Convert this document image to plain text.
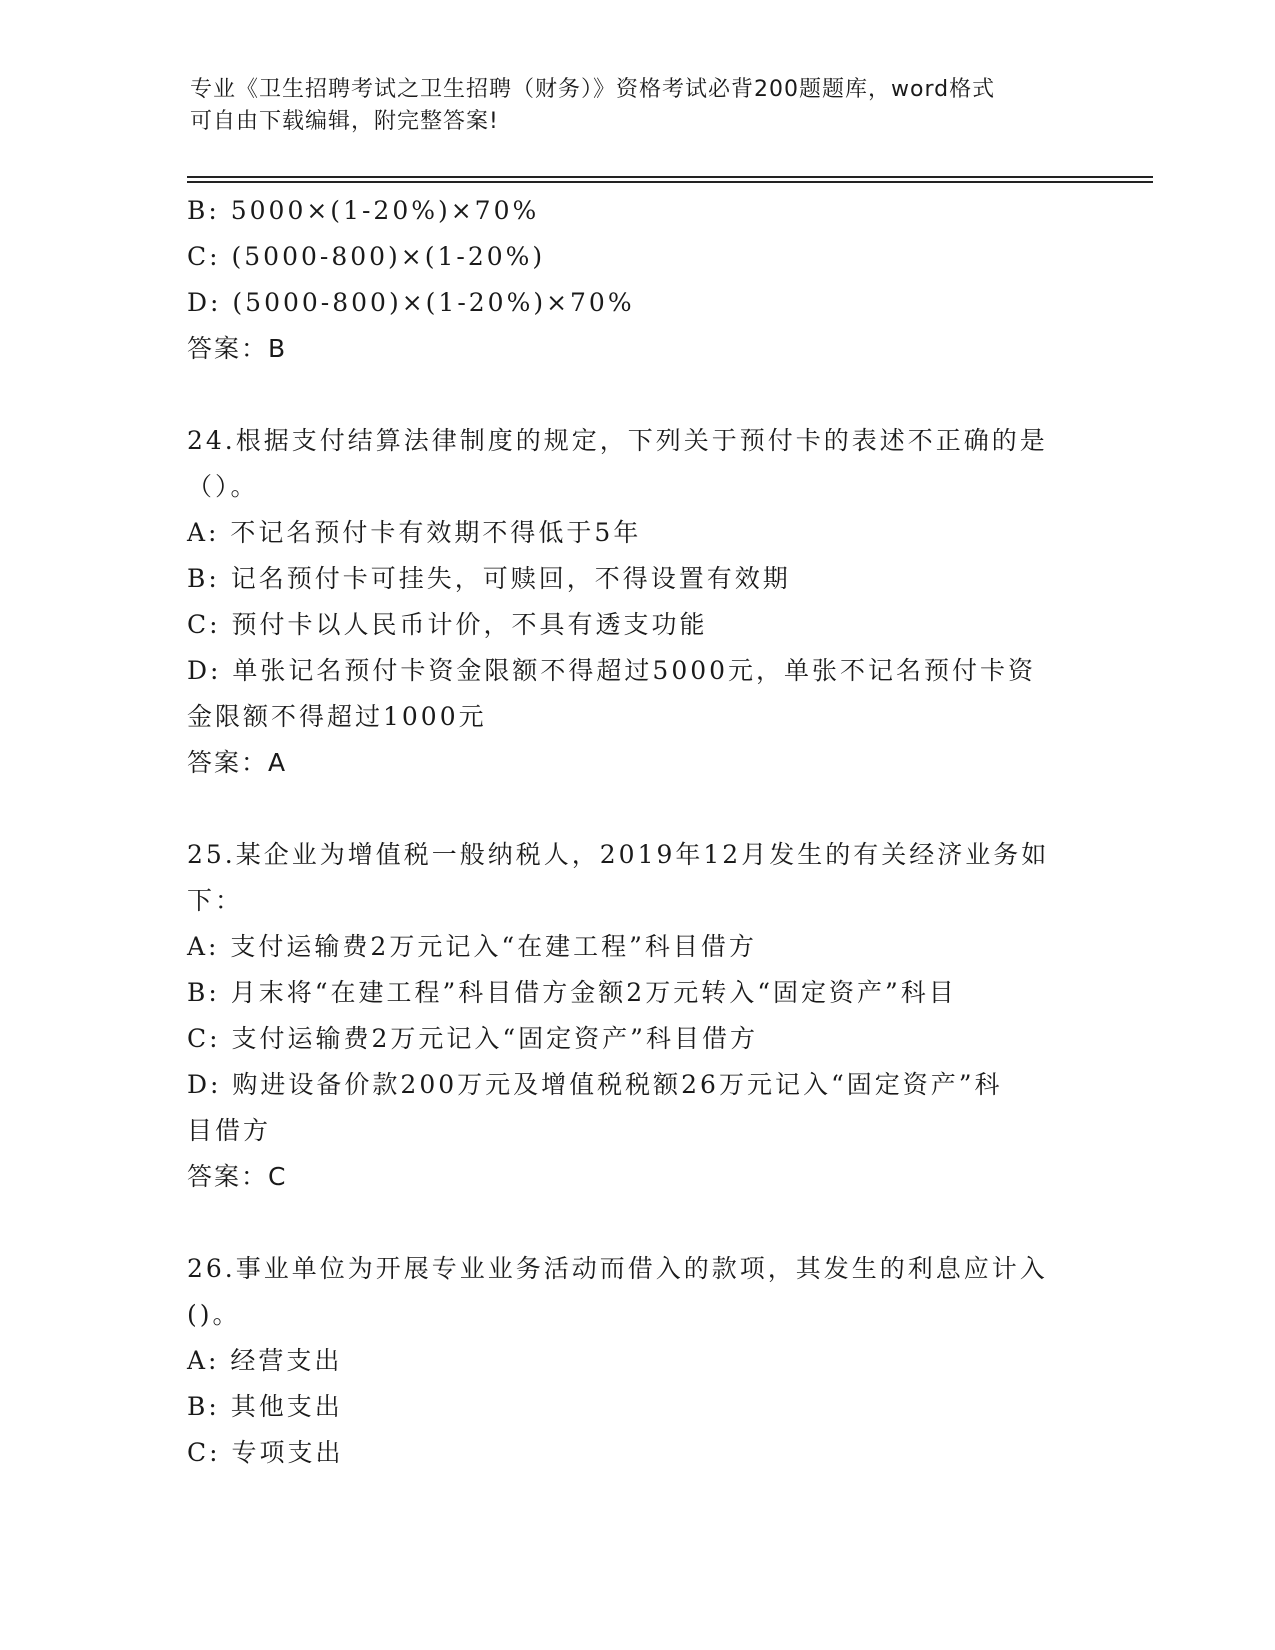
专业《卫生招聘考试之卫生招聘（财务）》资格考试必背200题题库，word格式
可自由下载编辑，附完整答案!
B: 5000×(1-20%)×70%
C: (5000-800)×(1-20%)
D: (5000-800)×(1-20%)×70%
答案：B
24.根据支付结算法律制度的规定，下列关于预付卡的表述不正确的是
（）。
A: 不记名预付卡有效期不得低于5年
B: 记名预付卡可挂失，可赎回，不得设置有效期
C: 预付卡以人民币计价，不具有透支功能
D: 单张记名预付卡资金限额不得超过5000元，单张不记名预付卡资
金限额不得超过1000元
答案：A
25.某企业为增值税一般纳税人，2019年12月发生的有关经济业务如
下：
A: 支付运输费2万元记入“在建工程”科目借方
B: 月末将“在建工程”科目借方金额2万元转入“固定资产”科目
C: 支付运输费2万元记入“固定资产”科目借方
D: 购进设备价款200万元及增值税税额26万元记入“固定资产”科
目借方
答案：C
26.事业单位为开展专业业务活动而借入的款项，其发生的利息应计入
()。
A: 经营支出
B: 其他支出
C: 专项支出
